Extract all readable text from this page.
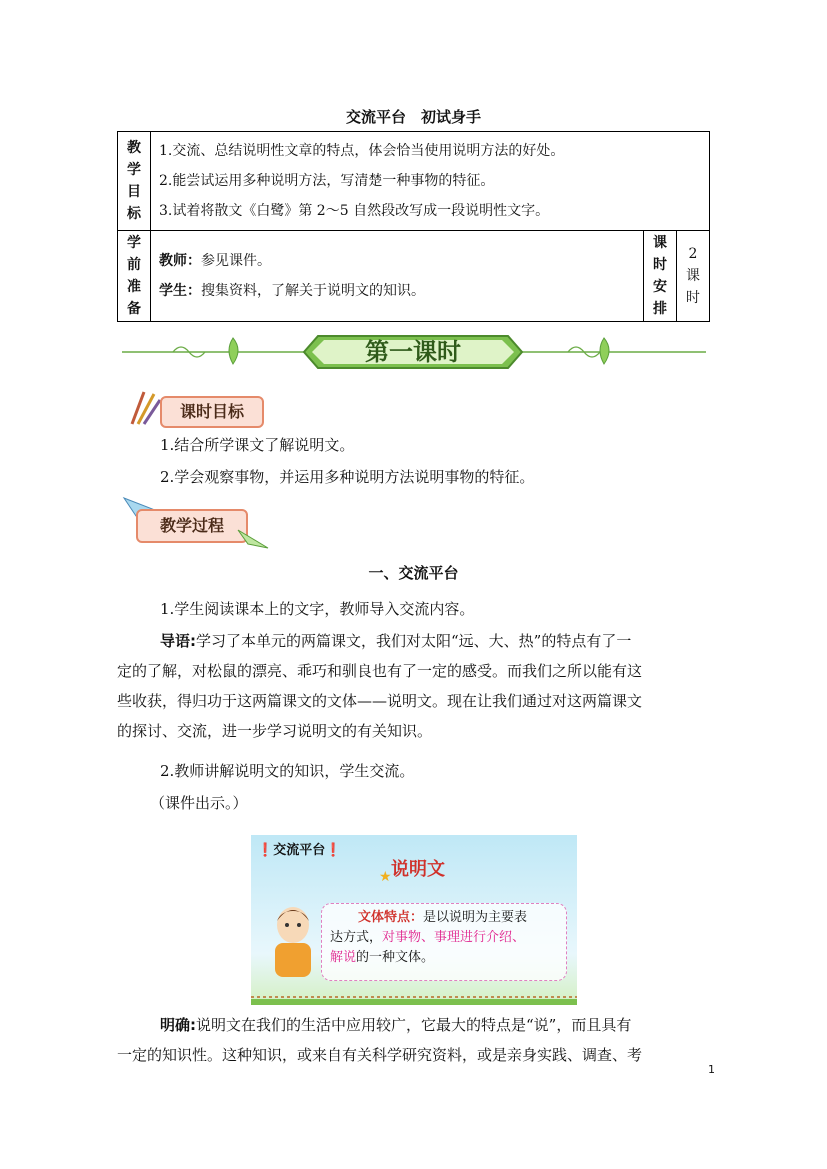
交流平台　初试身手
教学目标	1.交流、总结说明性文章的特点，体会恰当使用说明方法的好处。
2.能尝试运用多种说明方法，写清楚一种事物的特征。
3.试着将散文《白鹭》第 2～5 自然段改写成一段说明性文字。		

学前准备	教师：参见课件。
学生：搜集资料，了解关于说明文的知识。	课时安排	2课时
第一课时
课时目标
1.结合所学课文了解说明文。
2.学会观察事物，并运用多种说明方法说明事物的特征。
教学过程
一、交流平台
1.学生阅读课本上的文字，教师导入交流内容。
导语:学习了本单元的两篇课文，我们对太阳“远、大、热”的特点有了一
定的了解，对松鼠的漂亮、乖巧和驯良也有了一定的感受。而我们之所以能有这
些收获，得归功于这两篇课文的文体——说明文。现在让我们通过对这两篇课文
的探讨、交流，进一步学习说明文的有关知识。
2.教师讲解说明文的知识，学生交流。
（课件出示。）
❗交流平台❗
说明文
★
文体特点：是以说明为主要表
达方式，对事物、事理进行介绍、
解说的一种文体。
明确:说明文在我们的生活中应用较广，它最大的特点是“说”，而且具有
一定的知识性。这种知识，或来自有关科学研究资料，或是亲身实践、调查、考
1
